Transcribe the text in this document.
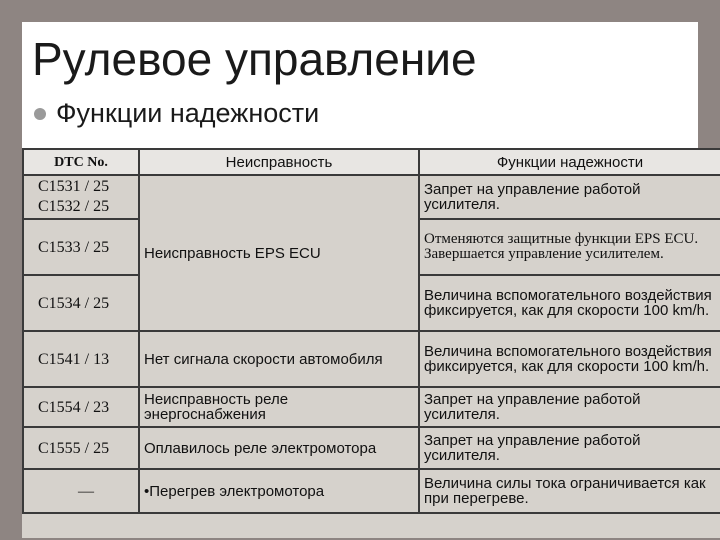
Рулевое управление
Функции надежности
DTC No.	Неисправность	Функции надежности

C1531 / 25
C1532 / 25	Неисправность EPS ECU	Запрет на управление работой усилителя.
C1533 / 25		Отменяются защитные функции EPS ECU. Завершается управление усилителем.
C1534 / 25		Величина вспомогательного воздействия фиксируется, как для скорости 100 km/h.
C1541 / 13	Нет сигнала скорости автомобиля	Величина вспомогательного воздействия фиксируется, как для скорости 100 km/h.
C1554 / 23	Неисправность реле энергоснабжения	Запрет на управление работой усилителя.
C1555 / 25	Оплавилось реле электромотора	Запрет на управление работой усилителя.
—	•Перегрев электромотора	Величина силы тока ограничивается как при перегреве.
